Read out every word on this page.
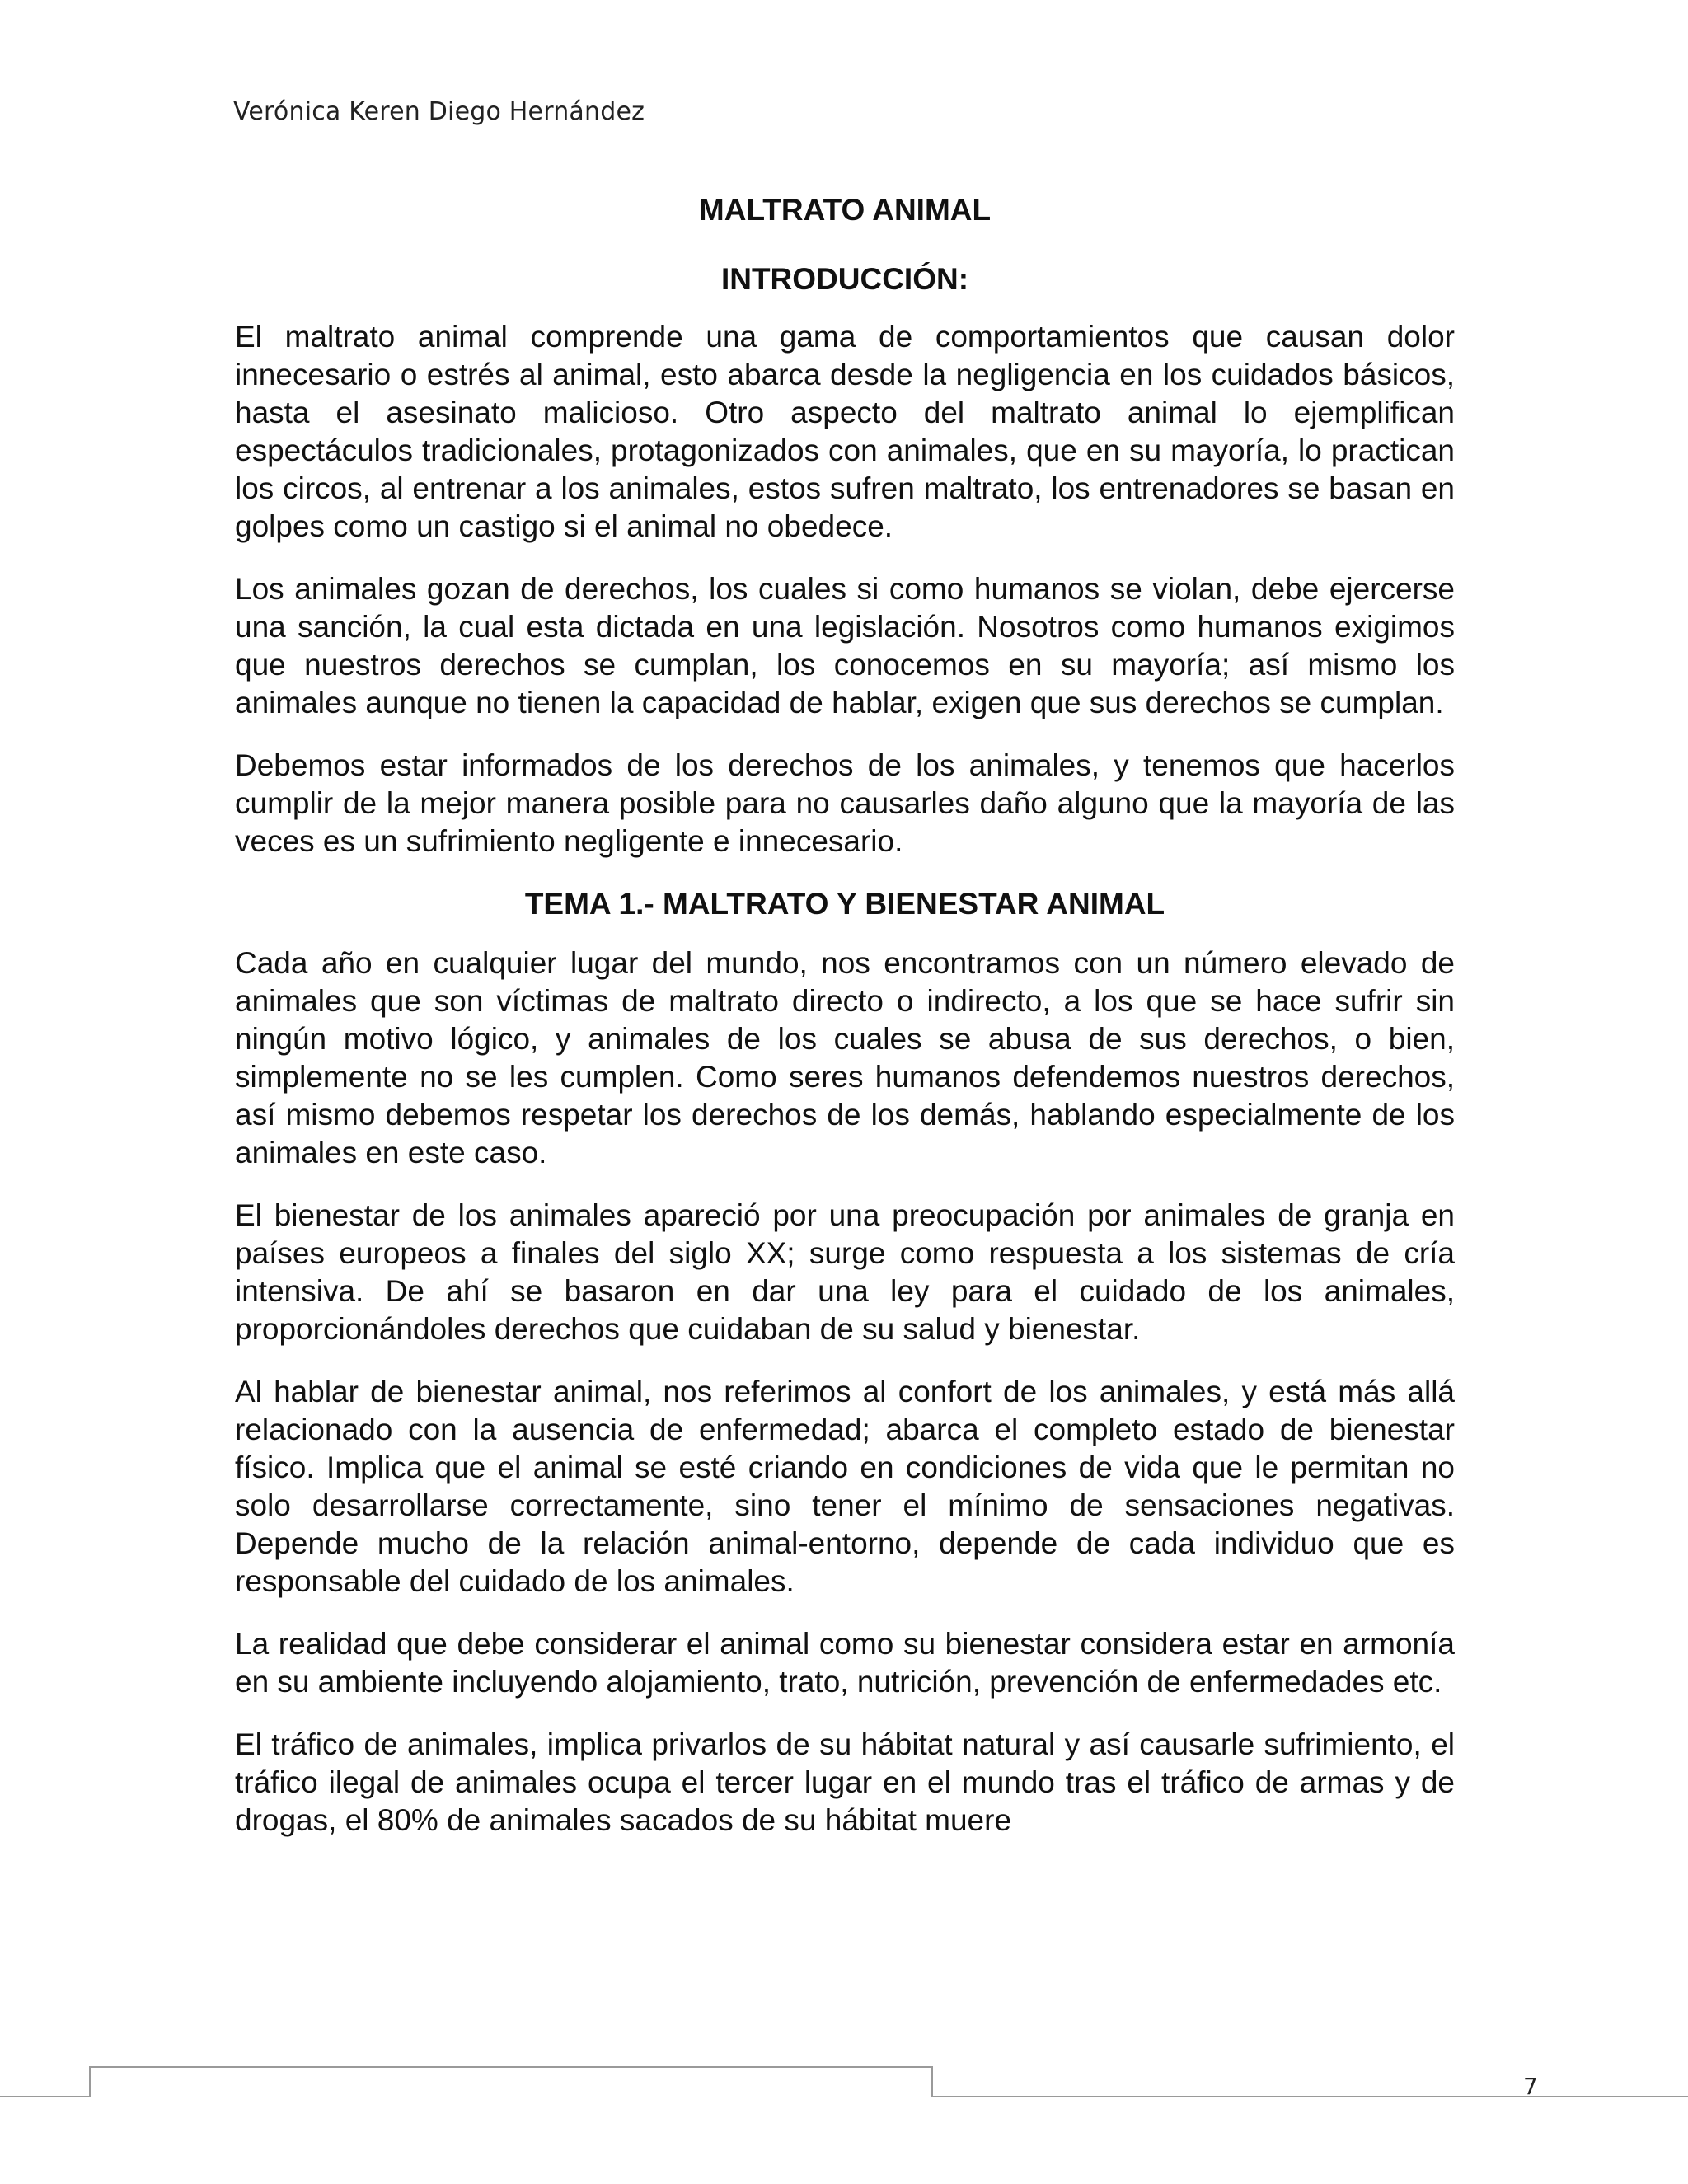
Verónica Keren Diego Hernández
MALTRATO ANIMAL
INTRODUCCIÓN:

El maltrato animal comprende una gama de comportamientos que causan dolor innecesario o estrés al animal, esto abarca desde la negligencia en los cuidados básicos, hasta el asesinato malicioso. Otro aspecto del maltrato animal lo ejemplifican espectáculos tradicionales, protagonizados con animales, que en su mayoría, lo practican los circos, al entrenar a los animales, estos sufren maltrato, los entrenadores se basan en golpes como un castigo si el animal no obedece.

Los animales gozan de derechos, los cuales si como humanos se violan, debe ejercerse una sanción, la cual esta dictada en una legislación. Nosotros como humanos exigimos que nuestros derechos se cumplan, los conocemos en su mayoría; así mismo los animales aunque no tienen la capacidad de hablar, exigen que sus derechos se cumplan.

Debemos estar informados de los derechos de los animales, y tenemos que hacerlos cumplir de la mejor manera posible para no causarles daño alguno que la mayoría de las veces es un sufrimiento negligente e innecesario.

TEMA 1.- MALTRATO Y BIENESTAR ANIMAL

Cada año en cualquier lugar del mundo, nos encontramos con un número elevado de animales que son víctimas de maltrato directo o indirecto, a los que se hace sufrir sin ningún motivo lógico, y animales de los cuales se abusa de sus derechos, o bien, simplemente no se les cumplen. Como seres humanos defendemos nuestros derechos, así mismo debemos respetar los derechos de los demás, hablando especialmente de los animales en este caso.

El bienestar de los animales apareció por una preocupación por animales de granja en países europeos a finales del siglo XX; surge como respuesta a los sistemas de cría intensiva. De ahí se basaron en dar una ley para el cuidado de los animales, proporcionándoles derechos que cuidaban de su salud y bienestar.

Al hablar de bienestar animal, nos referimos al confort de los animales, y está más allá relacionado con la ausencia de enfermedad; abarca el completo estado de bienestar físico. Implica que el animal se esté criando en condiciones de vida que le permitan no solo desarrollarse correctamente, sino tener el mínimo de sensaciones negativas. Depende mucho de la relación animal-entorno, depende de cada individuo que es responsable del cuidado de los animales.

La realidad que debe considerar el animal como su bienestar considera estar en armonía en su ambiente incluyendo alojamiento, trato, nutrición, prevención de enfermedades etc.

El tráfico de animales, implica privarlos de su hábitat natural y así causarle sufrimiento, el tráfico ilegal de animales ocupa el tercer lugar en el mundo tras el tráfico de armas y de drogas, el 80% de animales sacados de su hábitat muere

7
